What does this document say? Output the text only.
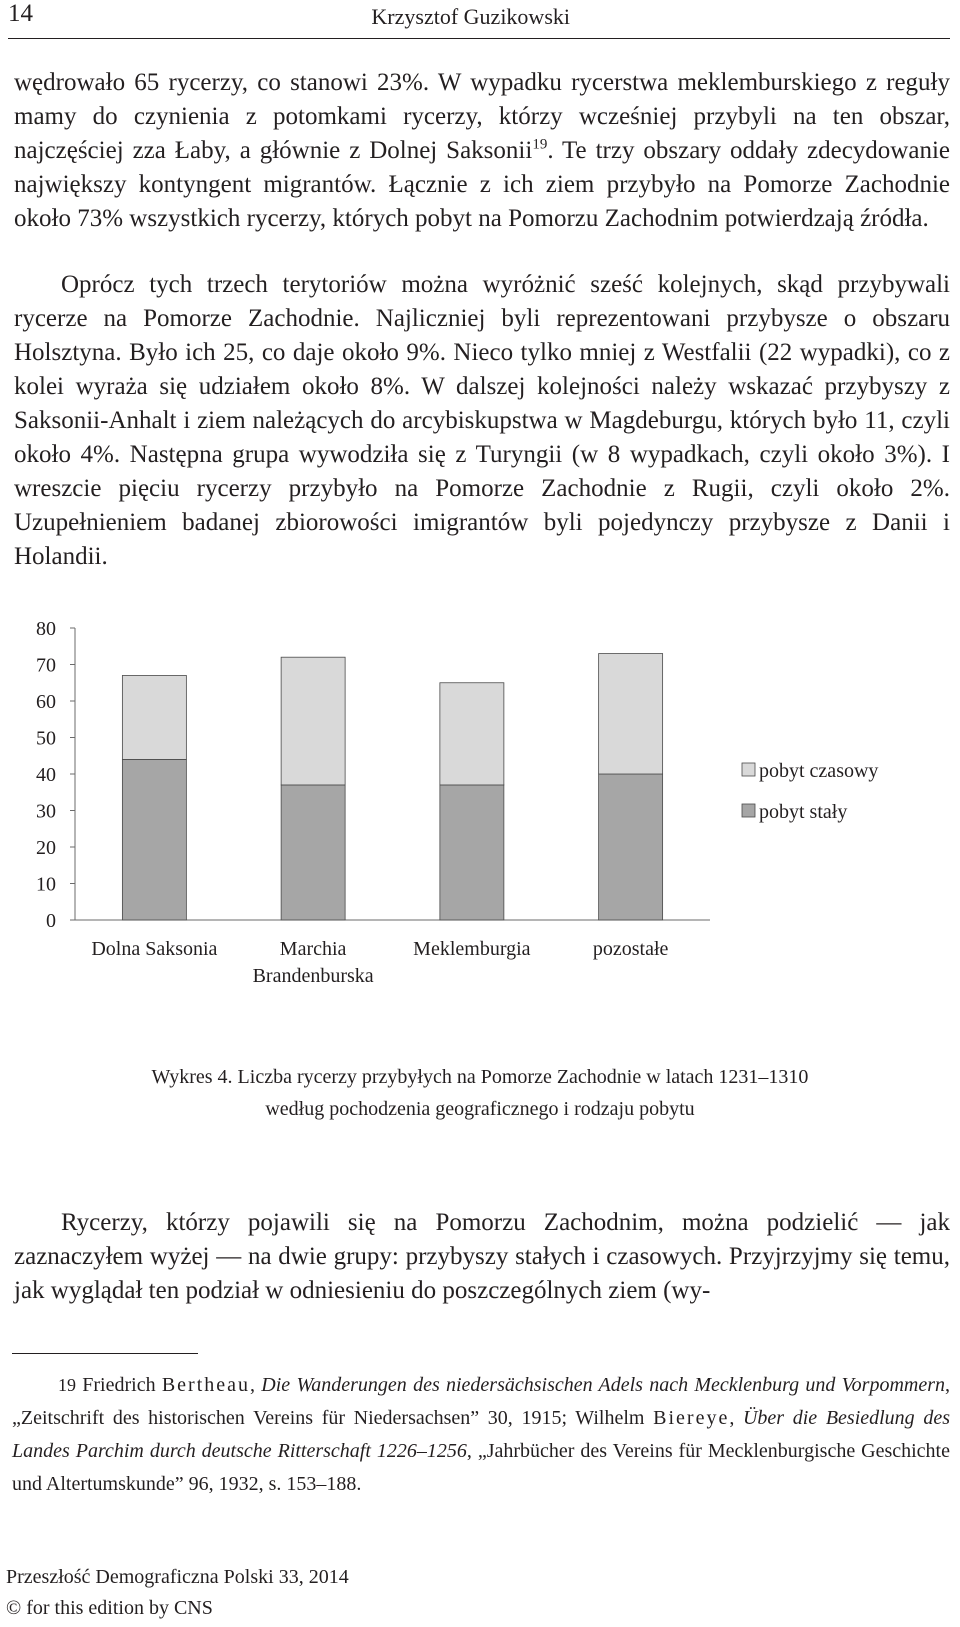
14	Krzysztof Guzikowski

wędrowało 65 rycerzy, co stanowi 23%. W wypadku rycerstwa meklemburskiego z reguły mamy do czynienia z potomkami rycerzy, którzy wcześniej przybyli na ten obszar, najczęściej zza Łaby, a głównie z Dolnej Saksonii$^{19}$. Te trzy obszary oddały zdecydowanie największy kontyngent migrantów. Łącznie z ich ziem przybyło na Pomorze Zachodnie około 73% wszystkich rycerzy, których pobyt na Pomorzu Zachodnim potwierdzają źródła.

Oprócz tych trzech terytoriów można wyróżnić sześć kolejnych, skąd przybywali rycerze na Pomorze Zachodnie. Najliczniej byli reprezentowani przybysze o obszaru Holsztyna. Było ich 25, co daje około 9%. Nieco tylko mniej z Westfalii (22 wypadki), co z kolei wyraża się udziałem około 8%. W dalszej kolejności należy wskazać przybyszy z Saksonii-Anhalt i ziem należących do arcybiskupstwa w Magdeburgu, których było 11, czyli około 4%. Następna grupa wywodziła się z Turyngii (w 8 wypadkach, czyli około 3%). I wreszcie pięciu rycerzy przybyło na Pomorze Zachodnie z Rugii, czyli około 2%. Uzupełnieniem badanej zbiorowości imigrantów byli pojedynczy przybysze z Danii i Holandii.

0
10
20
30
40
50
60
70
80
Dolna Saksonia	Marchia
Brandenburska
Meklemburgia	pozostałe
pobyt czasowy
pobyt stały
Wykres 4. Liczba rycerzy przybyłych na Pomorze Zachodnie w latach 1231–1310
według pochodzenia geograficznego i rodzaju pobytu

Rycerzy, którzy pojawili się na Pomorzu Zachodnim, można podzielić — jak zaznaczyłem wyżej — na dwie grupy: przybyszy stałych i czasowych. Przyjrzyjmy się temu, jak wyglądał ten podział w odniesieniu do poszczególnych ziem (wy-

19 Friedrich Bertheau, Die Wanderungen des niedersächsischen Adels nach Mecklenburg und Vorpommern, „Zeitschrift des historischen Vereins für Niedersachsen” 30, 1915; Wilhelm Biereye, Über die Besiedlung des Landes Parchim durch deutsche Ritterschaft 1226–1256, „Jahrbücher des Vereins für Mecklenburgische Geschichte und Altertumskunde” 96, 1932, s. 153–188.

Przeszłość Demograficzna Polski 33, 2014
© for this edition by CNS
